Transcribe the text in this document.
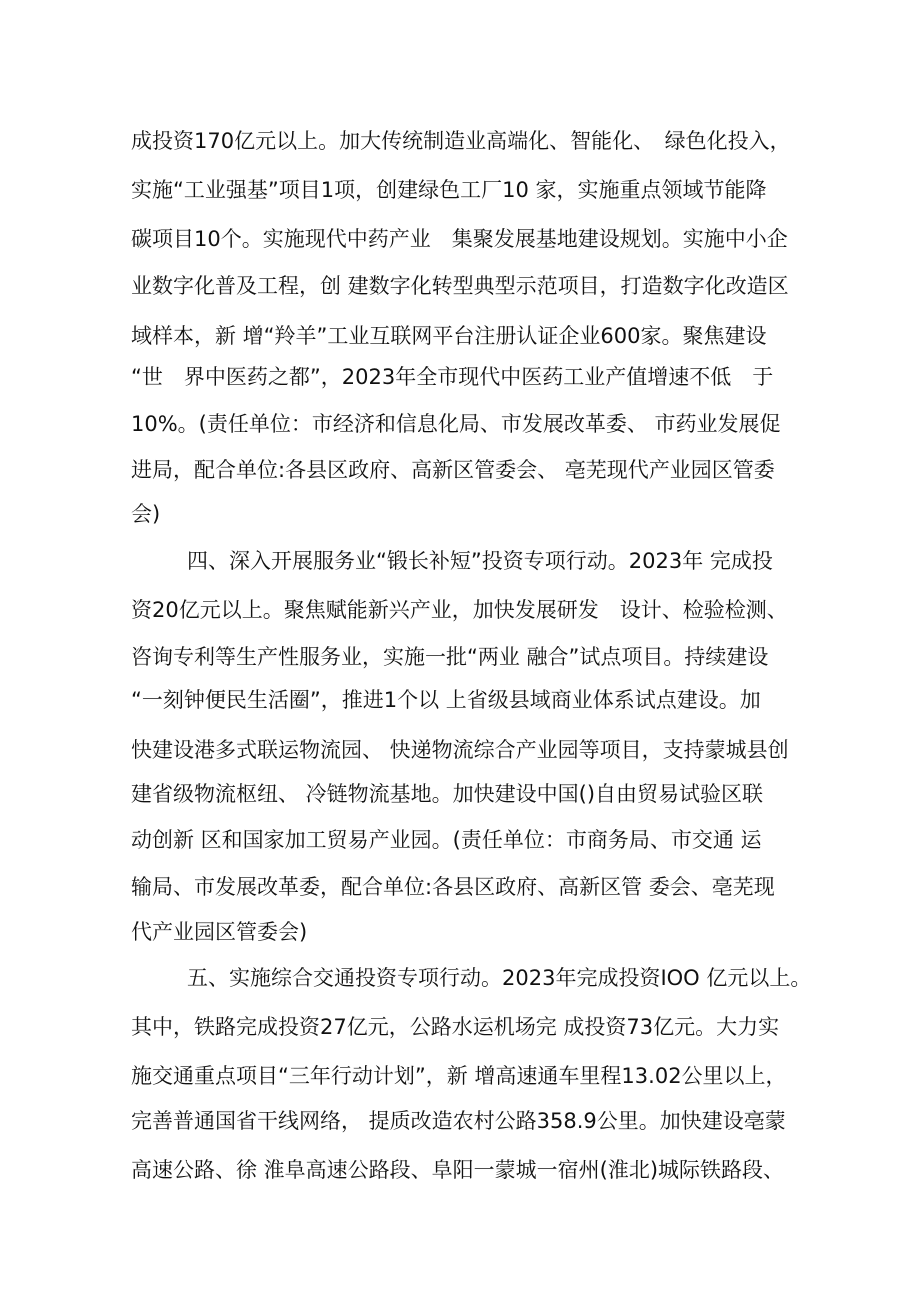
成投资170亿元以上。加大传统制造业高端化、智能化、　绿色化投入，
实施“工业强基”项目1项，创建绿色工厂10 家，实施重点领域节能降
碳项目10个。实施现代中药产业　集聚发展基地建设规划。实施中小企
业数字化普及工程，创 建数字化转型典型示范项目，打造数字化改造区
域样本，新 增“羚羊”工业互联网平台注册认证企业600家。聚焦建设
“世　界中医药之都”，2023年全市现代中医药工业产值增速不低　于
10%。(责任单位：市经济和信息化局、市发展改革委、 市药业发展促
进局，配合单位:各县区政府、高新区管委会、 亳芜现代产业园区管委
会)
四、深入开展服务业“锻长补短”投资专项行动。2023年 完成投
资20亿元以上。聚焦赋能新兴产业，加快发展研发　设计、检验检测、
咨询专利等生产性服务业，实施一批“两业 融合”试点项目。持续建设
“一刻钟便民生活圈”，推进1个以 上省级县域商业体系试点建设。加
快建设港多式联运物流园、 快递物流综合产业园等项目，支持蒙城县创
建省级物流枢纽、 冷链物流基地。加快建设中国()自由贸易试验区联
动创新 区和国家加工贸易产业园。(责任单位：市商务局、市交通 运
输局、市发展改革委，配合单位:各县区政府、高新区管 委会、亳芜现
代产业园区管委会)
五、实施综合交通投资专项行动。2023年完成投资IOO 亿元以上。
其中，铁路完成投资27亿元，公路水运机场完 成投资73亿元。大力实
施交通重点项目“三年行动计划”，新 增高速通车里程13.02公里以上，
完善普通国省干线网络， 提质改造农村公路358.9公里。加快建设亳蒙
高速公路、徐 淮阜高速公路段、阜阳一蒙城一宿州(淮北)城际铁路段、
